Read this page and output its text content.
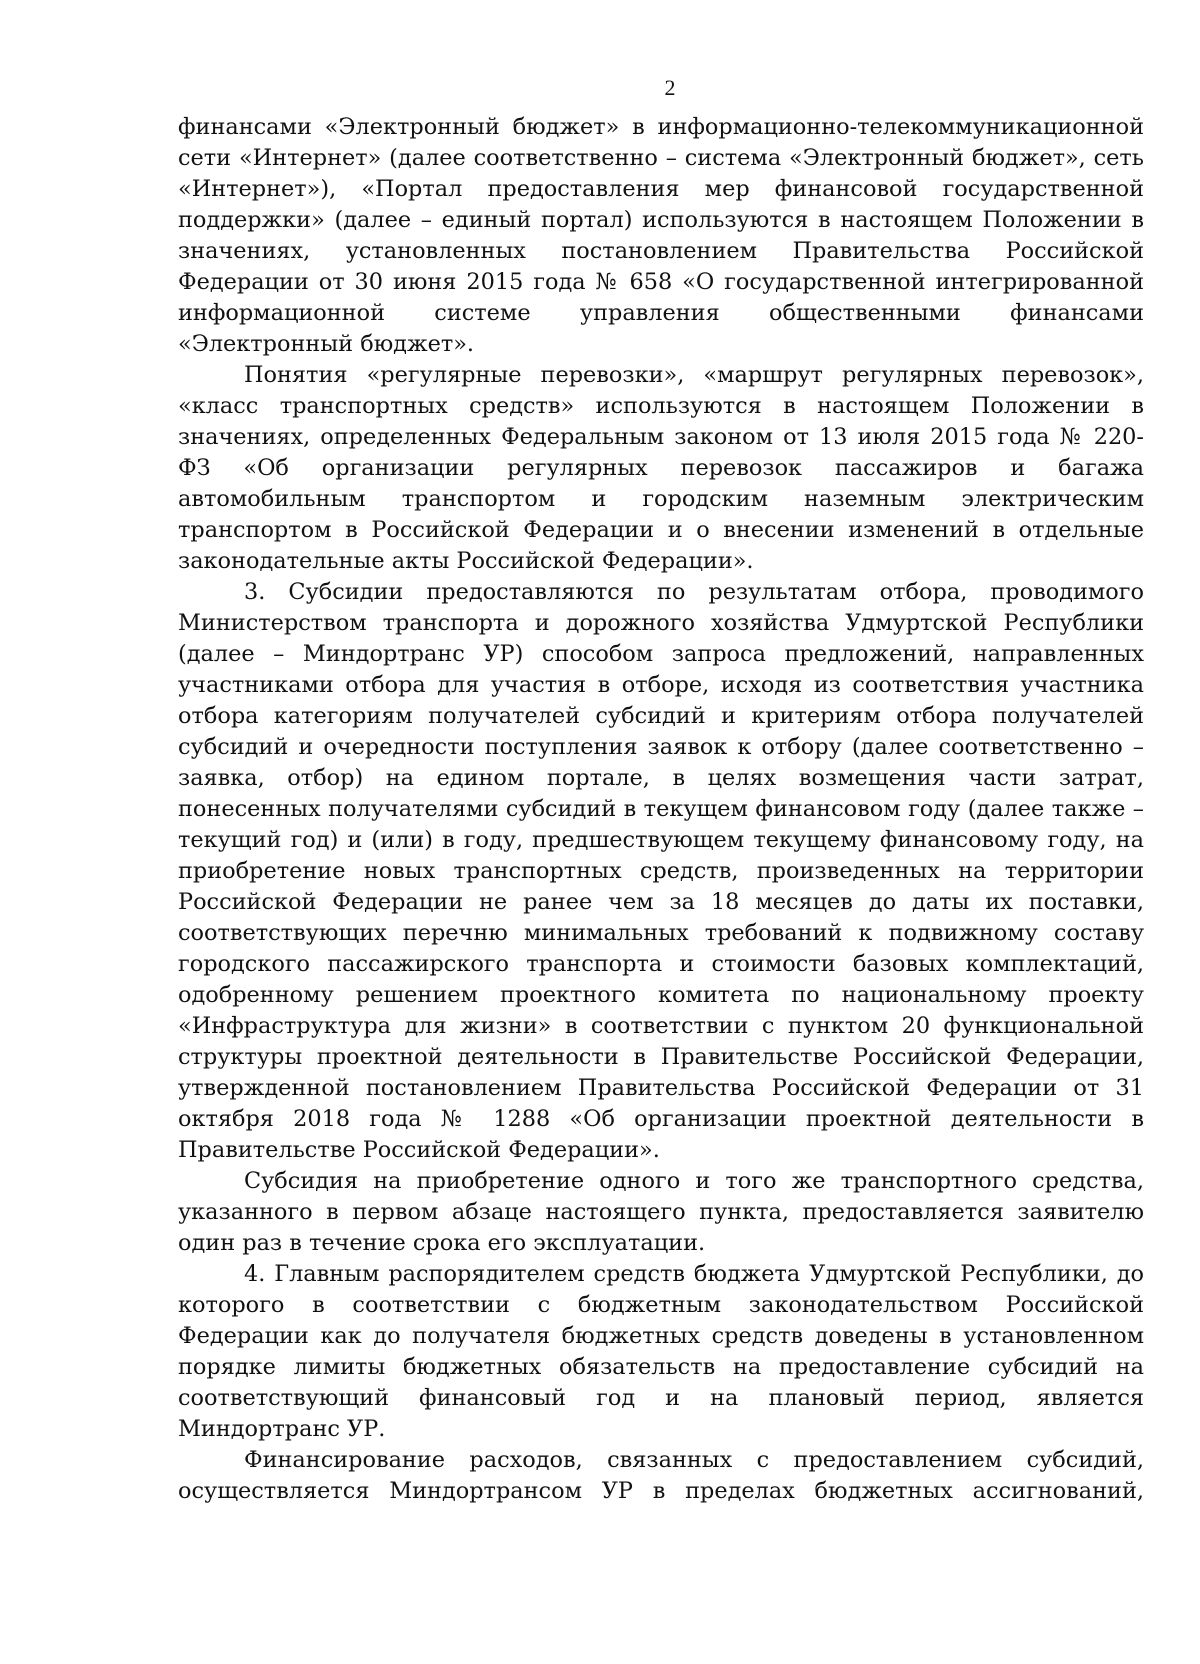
2

финансами «Электронный бюджет» в информационно-телекоммуникационной сети «Интернет» (далее соответственно – система «Электронный бюджет», сеть «Интернет»), «Портал предоставления мер финансовой государственной поддержки» (далее – единый портал) используются в настоящем Положении в значениях, установленных постановлением Правительства Российской Федерации от 30 июня 2015 года № 658 «О государственной интегрированной информационной системе управления общественными финансами «Электронный бюджет».

Понятия «регулярные перевозки», «маршрут регулярных перевозок», «класс транспортных средств» используются в настоящем Положении в значениях, определенных Федеральным законом от 13 июля 2015 года № 220-ФЗ «Об организации регулярных перевозок пассажиров и багажа автомобильным транспортом и городским наземным электрическим транспортом в Российской Федерации и о внесении изменений в отдельные законодательные акты Российской Федерации».

3. Субсидии предоставляются по результатам отбора, проводимого Министерством транспорта и дорожного хозяйства Удмуртской Республики (далее – Миндортранс УР) способом запроса предложений, направленных участниками отбора для участия в отборе, исходя из соответствия участника отбора категориям получателей субсидий и критериям отбора получателей субсидий и очередности поступления заявок к отбору (далее соответственно – заявка, отбор) на едином портале, в целях возмещения части затрат, понесенных получателями субсидий в текущем финансовом году (далее также – текущий год) и (или) в году, предшествующем текущему финансовому году, на приобретение новых транспортных средств, произведенных на территории Российской Федерации не ранее чем за 18 месяцев до даты их поставки, соответствующих перечню минимальных требований к подвижному составу городского пассажирского транспорта и стоимости базовых комплектаций, одобренному решением проектного комитета по национальному проекту «Инфраструктура для жизни» в соответствии с пунктом 20 функциональной структуры проектной деятельности в Правительстве Российской Федерации, утвержденной постановлением Правительства Российской Федерации от 31 октября 2018 года № 1288 «Об организации проектной деятельности в Правительстве Российской Федерации».

Субсидия на приобретение одного и того же транспортного средства, указанного в первом абзаце настоящего пункта, предоставляется заявителю один раз в течение срока его эксплуатации.

4. Главным распорядителем средств бюджета Удмуртской Республики, до которого в соответствии с бюджетным законодательством Российской Федерации как до получателя бюджетных средств доведены в установленном порядке лимиты бюджетных обязательств на предоставление субсидий на соответствующий финансовый год и на плановый период, является Миндортранс УР.

Финансирование расходов, связанных с предоставлением субсидий, осуществляется Миндортрансом УР в пределах бюджетных ассигнований,
